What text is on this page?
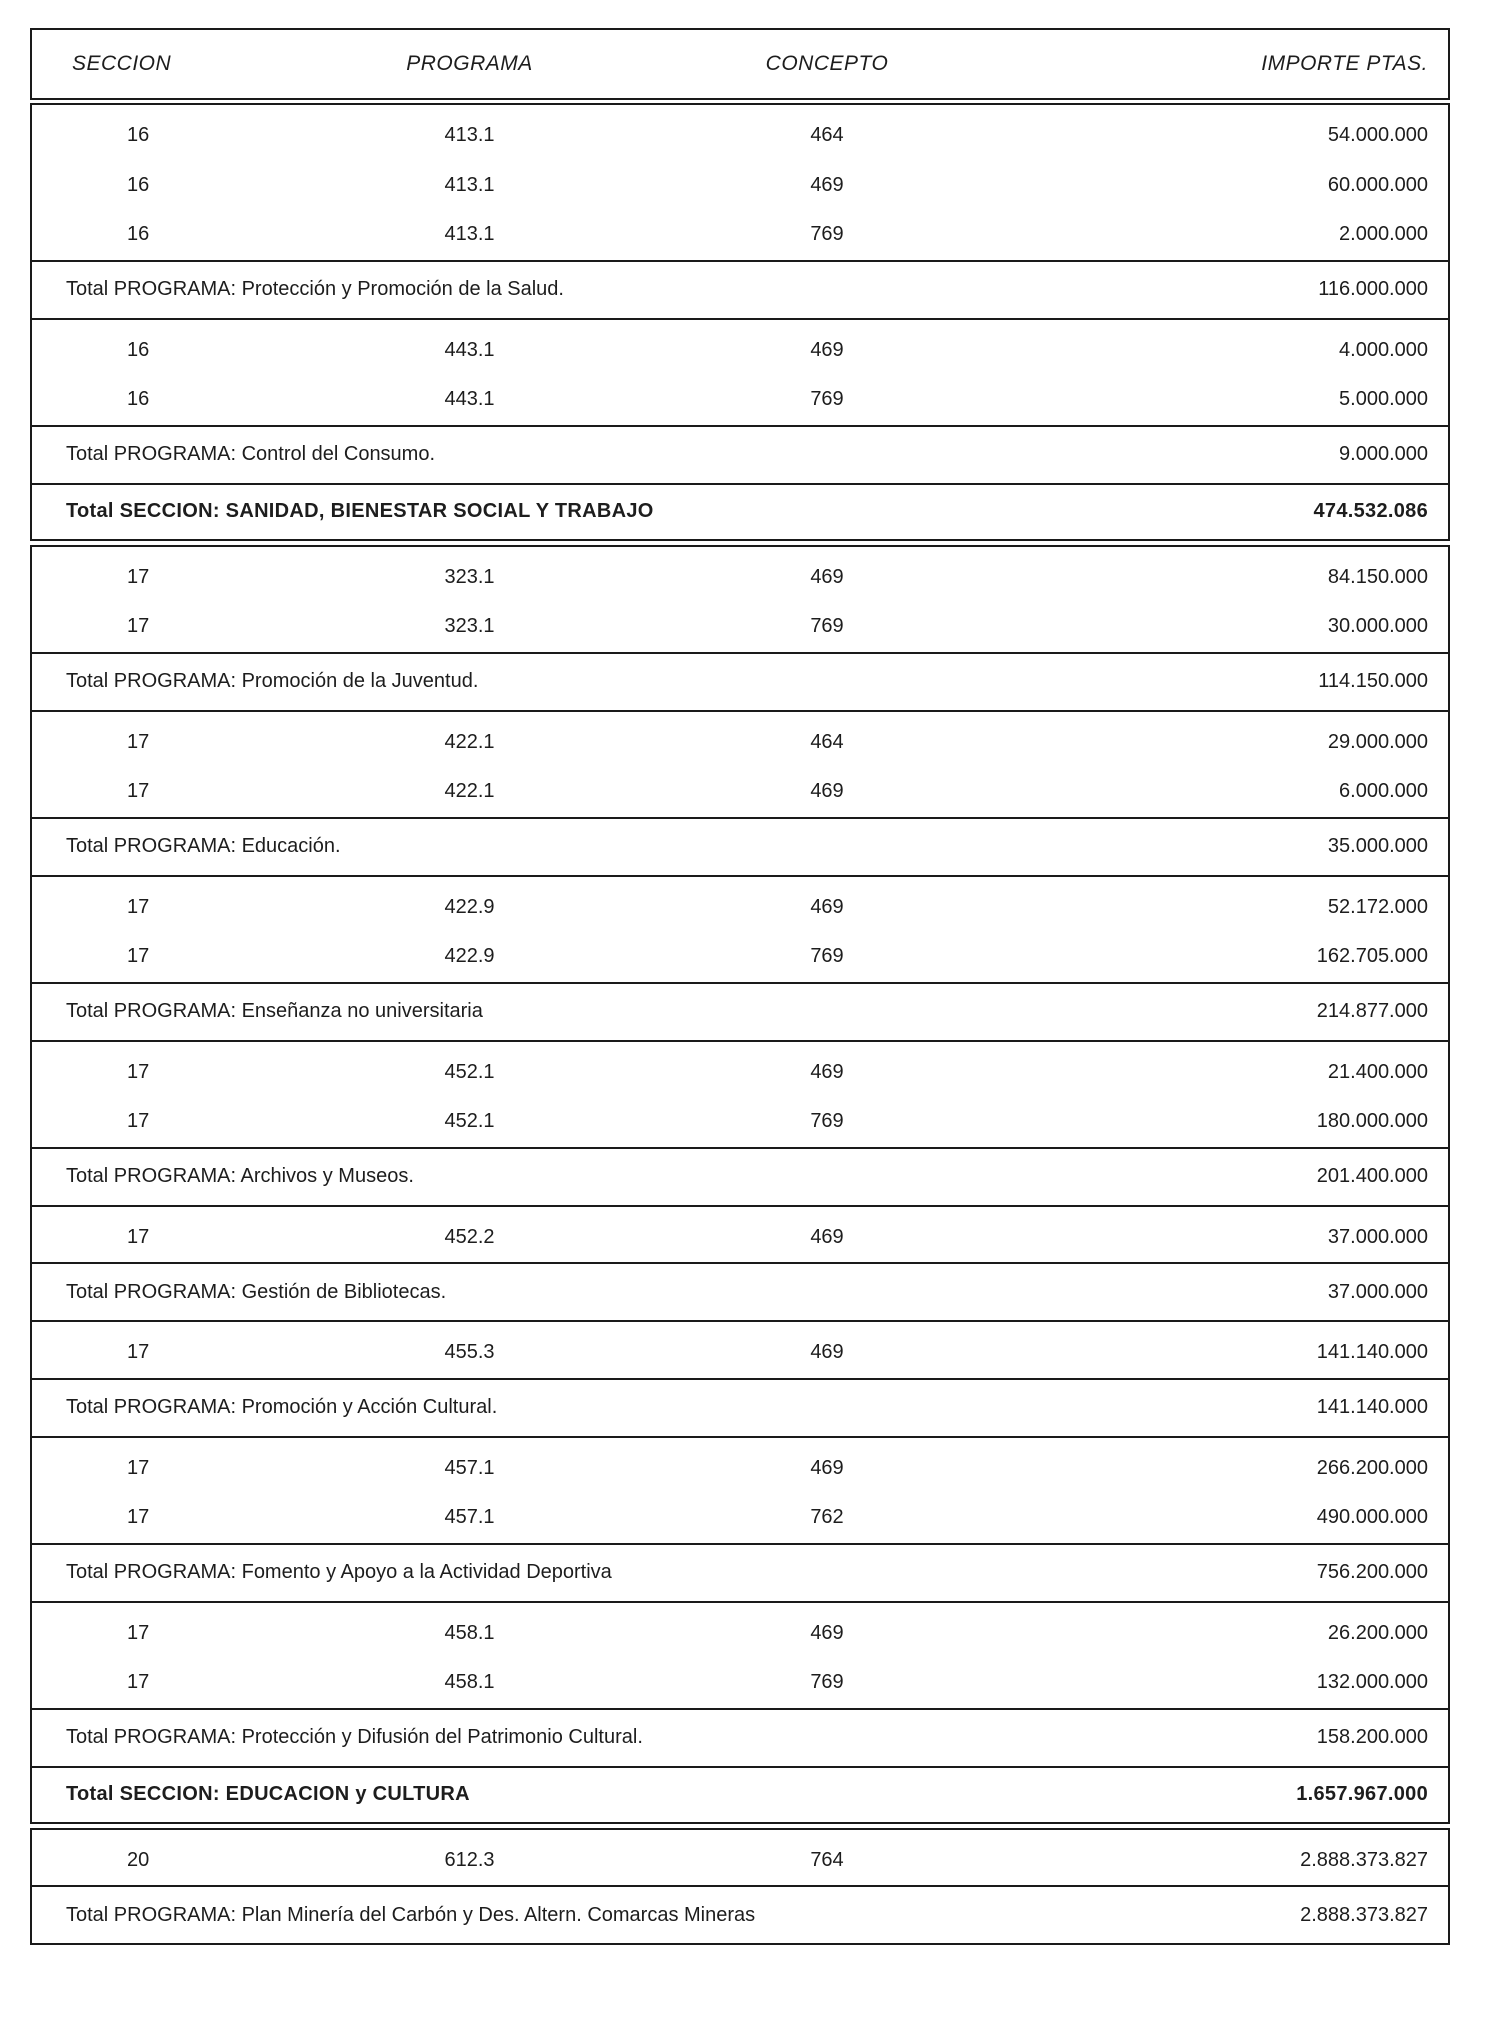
SECCION	PROGRAMA	CONCEPTO	IMPORTE PTAS.
16	413.1	464	54.000.000
16	413.1	469	60.000.000
16	413.1	769	2.000.000
Total PROGRAMA: Protección y Promoción de la Salud.	116.000.000
16	443.1	469	4.000.000
16	443.1	769	5.000.000
Total PROGRAMA: Control del Consumo.	9.000.000
Total SECCION: SANIDAD, BIENESTAR SOCIAL Y TRABAJO	474.532.086
17	323.1	469	84.150.000
17	323.1	769	30.000.000
Total PROGRAMA: Promoción de la Juventud.	114.150.000
17	422.1	464	29.000.000
17	422.1	469	6.000.000
Total PROGRAMA: Educación.	35.000.000
17	422.9	469	52.172.000
17	422.9	769	162.705.000
Total PROGRAMA: Enseñanza no universitaria	214.877.000
17	452.1	469	21.400.000
17	452.1	769	180.000.000
Total PROGRAMA: Archivos y Museos.	201.400.000
17	452.2	469	37.000.000
Total PROGRAMA: Gestión de Bibliotecas.	37.000.000
17	455.3	469	141.140.000
Total PROGRAMA: Promoción y Acción Cultural.	141.140.000
17	457.1	469	266.200.000
17	457.1	762	490.000.000
Total PROGRAMA: Fomento y Apoyo a la Actividad Deportiva	756.200.000
17	458.1	469	26.200.000
17	458.1	769	132.000.000
Total PROGRAMA: Protección y Difusión del Patrimonio Cultural.	158.200.000
Total SECCION: EDUCACION y CULTURA	1.657.967.000
20	612.3	764	2.888.373.827
Total PROGRAMA: Plan Minería del Carbón y Des. Altern. Comarcas Mineras	2.888.373.827
